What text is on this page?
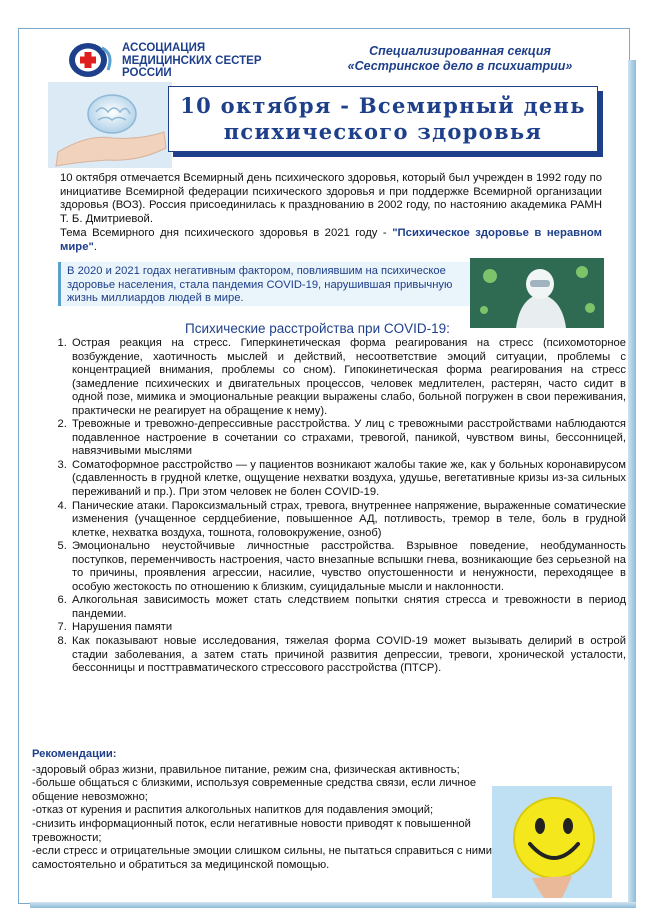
АССОЦИАЦИЯ
МЕДИЦИНСКИХ СЕСТЕР
РОССИИ
Специализированная секция
«Сестринское дело в психиатрии»
10 октября - Всемирный день
психического здоровья
10 октября отмечается Всемирный день психического здоровья, который был учрежден в 1992 году по инициативе Всемирной федерации психического здоровья и при поддержке Всемирной организации здоровья (ВОЗ). Россия присоединилась к празднованию в 2002 году, по настоянию академика РАМН Т. Б. Дмитриевой.
Тема Всемирного дня психического здоровья в 2021 году - "Психическое здоровье в неравном мире".
В 2020 и 2021 годах негативным фактором, повлиявшим на психическое здоровье населения, стала пандемия COVID-19, нарушившая привычную жизнь миллиардов людей в мире.
Психические расстройства при COVID-19:
1. Острая реакция на стресс. Гиперкинетическая форма реагирования на стресс (психомоторное возбуждение, хаотичность мыслей и действий, несоответствие эмоций ситуации, проблемы с концентрацией внимания, проблемы со сном). Гипокинетическая форма реагирования на стресс (замедление психических и двигательных процессов, человек медлителен, растерян, часто сидит в одной позе, мимика и эмоциональные реакции выражены слабо, больной погружен в свои переживания, практически не реагирует на обращение к нему).
2. Тревожные и тревожно-депрессивные расстройства. У лиц с тревожными расстройствами наблюдаются подавленное настроение в сочетании со страхами, тревогой, паникой, чувством вины, бессонницей, навязчивыми мыслями
3. Соматоформное расстройство — у пациентов возникают жалобы такие же, как у больных коронавирусом (сдавленность в грудной клетке, ощущение нехватки воздуха, удушье, вегетативные кризы из-за сильных переживаний и пр.). При этом человек не болен COVID-19.
4. Панические атаки. Пароксизмальный страх, тревога, внутреннее напряжение, выраженные соматические изменения (учащенное сердцебиение, повышенное АД, потливость, тремор в теле, боль в грудной клетке, нехватка воздуха, тошнота, головокружение, озноб)
5. Эмоционально неустойчивые личностные расстройства. Взрывное поведение, необдуманность поступков, переменчивость настроения, часто внезапные вспышки гнева, возникающие без серьезной на то причины, проявления агрессии, насилие, чувство опустошенности и ненужности, переходящее в особую жестокость по отношению к близким, суицидальные мысли и наклонности.
6. Алкогольная зависимость может стать следствием попытки снятия стресса и тревожности в период пандемии.
7. Нарушения памяти
8. Как показывают новые исследования, тяжелая форма COVID-19 может вызывать делирий в острой стадии заболевания, а затем стать причиной развития депрессии, тревоги, хронической усталости, бессонницы и посттравматического стрессового расстройства (ПТСР).
Рекомендации:

-здоровый образ жизни, правильное питание, режим сна, физическая активность;

-больше общаться с близкими, используя современные средства связи, если личное общение невозможно;

-отказ от курения и распития алкогольных напитков для подавления эмоций;

-снизить информационный поток, если негативные новости приводят к повышенной тревожности;

-если стресс и отрицательные эмоции слишком сильны, не пытаться справиться с ними самостоятельно и обратиться за медицинской помощью.
